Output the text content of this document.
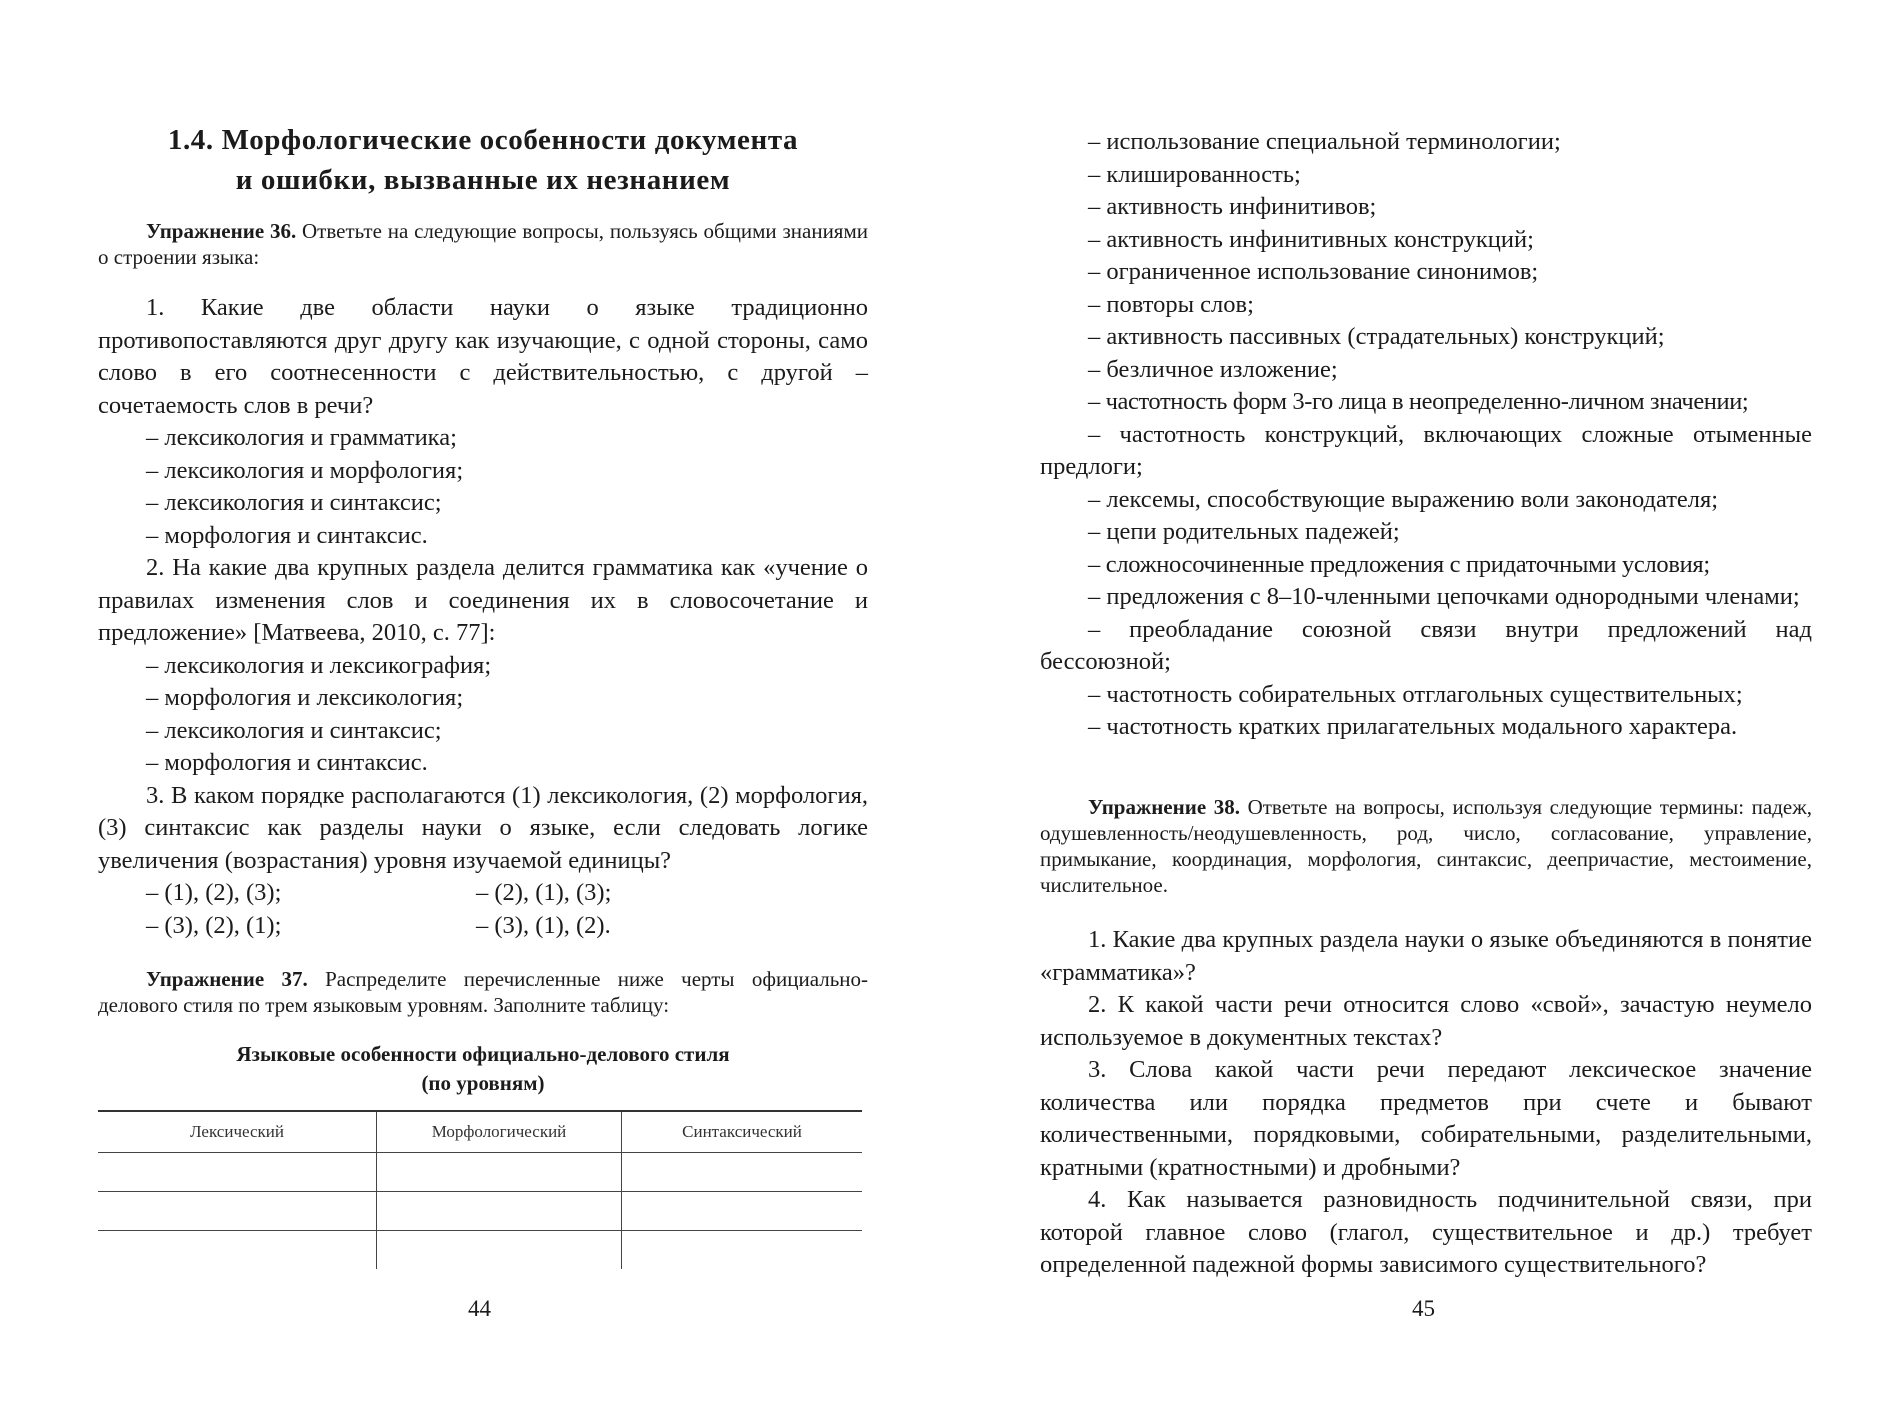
1.4. Морфологические особенности документа
и ошибки, вызванные их незнанием
Упражнение 36. Ответьте на следующие вопросы, пользуясь общими знаниями о строении языка:

1. Какие две области науки о языке традиционно противопоставляются друг другу как изучающие, с одной стороны, само слово в его соотнесенности с действительностью, с другой – сочетаемость слов в речи?

– лексикология и грамматика;

– лексикология и морфология;

– лексикология и синтаксис;

– морфология и синтаксис.

2. На какие два крупных раздела делится грамматика как «учение о правилах изменения слов и соединения их в словосочетание и предложение» [Матвеева, 2010, с. 77]:

– лексикология и лексикография;

– морфология и лексикология;

– лексикология и синтаксис;

– морфология и синтаксис.

3. В каком порядке располагаются (1) лексикология, (2) морфология, (3) синтаксис как разделы науки о языке, если следовать логике увеличения (возрастания) уровня изучаемой единицы?

– (1), (2), (3);	– (2), (1), (3);
– (3), (2), (1);	– (3), (1), (2).
Упражнение 37. Распределите перечисленные ниже черты официально-делового стиля по трем языковым уровням. Заполните таблицу:
Языковые особенности официально-делового стиля
(по уровням)
Лексический	Морфологический	Синтаксический

44

– использование специальной терминологии;

– клишированность;

– активность инфинитивов;

– активность инфинитивных конструкций;

– ограниченное использование синонимов;

– повторы слов;

– активность пассивных (страдательных) конструкций;

– безличное изложение;

– частотность форм 3-го лица в неопределенно-личном значении;

– частотность конструкций, включающих сложные отыменные предлоги;

– лексемы, способствующие выражению воли законодателя;

– цепи родительных падежей;

– сложносочиненные предложения с придаточными условия;

– предложения с 8–10-членными цепочками однородными членами;

– преобладание союзной связи внутри предложений над бессоюзной;

– частотность собирательных отглагольных существительных;

– частотность кратких прилагательных модального характера.

Упражнение 38. Ответьте на вопросы, используя следующие термины: падеж, одушевленность/неодушевленность, род, число, согласование, управление, примыкание, координация, морфология, синтаксис, деепричастие, местоимение, числительное.

1. Какие два крупных раздела науки о языке объединяются в понятие «грамматика»?

2. К какой части речи относится слово «свой», зачастую неумело используемое в документных текстах?

3. Слова какой части речи передают лексическое значение количества или порядка предметов при счете и бывают количественными, порядковыми, собирательными, разделительными, кратными (кратностными) и дробными?

4. Как называется разновидность подчинительной связи, при которой главное слово (глагол, существительное и др.) требует определенной падежной формы зависимого существительного?

45
